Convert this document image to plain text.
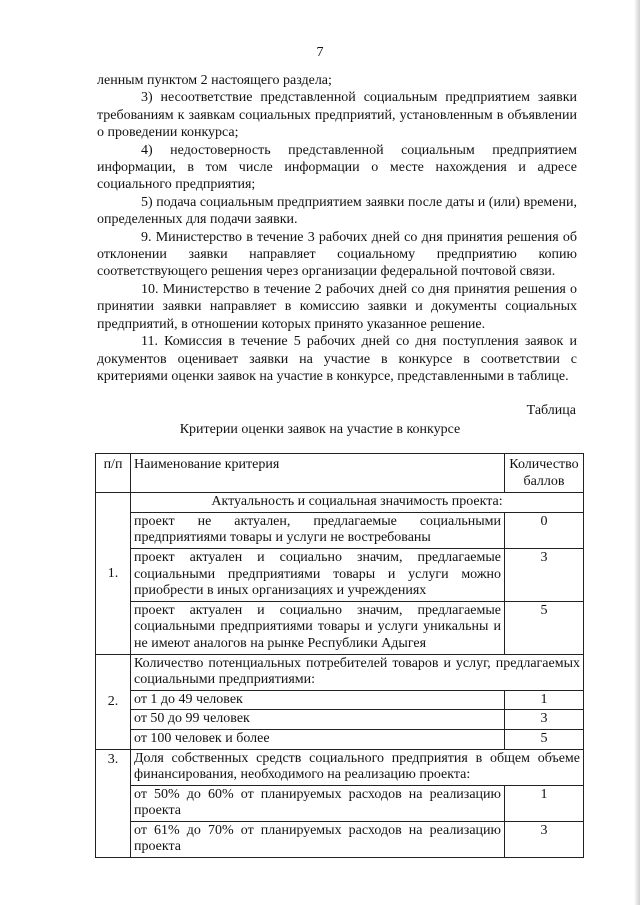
7

ленным пунктом 2 настоящего раздела;

3) несоответствие представленной социальным предприятием заявки требованиям к заявкам социальных предприятий, установленным в объявлении о проведении конкурса;

4) недостоверность представленной социальным предприятием информации, в том числе информации о месте нахождения и адресе социального предприятия;

5) подача социальным предприятием заявки после даты и (или) времени, определенных для подачи заявки.

9. Министерство в течение 3 рабочих дней со дня принятия решения об отклонении заявки направляет социальному предприятию копию соответствующего решения через организации федеральной почтовой связи.

10. Министерство в течение 2 рабочих дней со дня принятия решения о принятии заявки направляет в комиссию заявки и документы социальных предприятий, в отношении которых принято указанное решение.

11. Комиссия в течение 5 рабочих дней со дня поступления заявок и документов оценивает заявки на участие в конкурсе в соответствии с критериями оценки заявок на участие в конкурсе, представленными в таблице.

Таблица
Критерии оценки заявок на участие в конкурсе
п/п	Наименование критерия	Количество баллов
1.	Актуальность и социальная значимость проекта:	
	проект не актуален, предлагаемые социальными предприятиями товары и услуги не востребованы	0
	проект актуален и социально значим, предлагаемые социальными предприятиями товары и услуги можно приобрести в иных организациях и учреждениях	3
	проект актуален и социально значим, предлагаемые социальными предприятиями товары и услуги уникальны и не имеют аналогов на рынке Республики Адыгея	5
2.	Количество потенциальных потребителей товаров и услуг, предлагаемых социальными предприятиями:	
	от 1 до 49 человек	1
	от 50 до 99 человек	3
	от 100 человек и более	5
3.	Доля собственных средств социального предприятия в общем объеме финансирования, необходимого на реализацию проекта:	
	от 50% до 60% от планируемых расходов на реализацию проекта	1
	от 61% до 70% от планируемых расходов на реализацию проекта	3
